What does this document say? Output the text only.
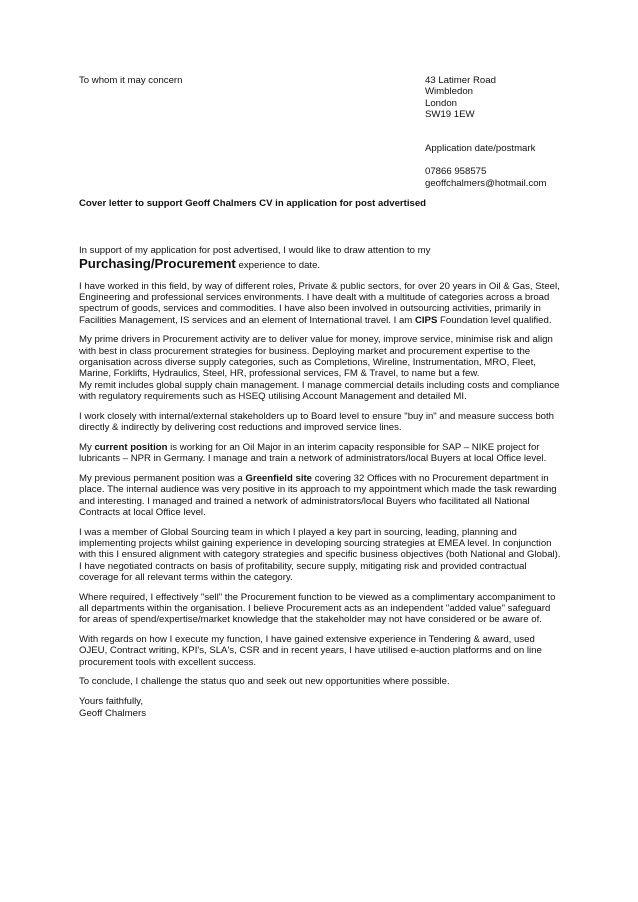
To whom it may concern	43 Latimer Road
Wimbledon
London
SW19 1EW
Application date/postmark
07866 958575
geoffchalmers@hotmail.com
Cover letter to support Geoff Chalmers CV in application for post advertised

In support of my application for post advertised, I would like to draw attention to my
Purchasing/Procurement experience to date.

I have worked in this field, by way of different roles, Private & public sectors, for over 20 years in Oil & Gas, Steel, Engineering and professional services environments. I have dealt with a multitude of categories across a broad spectrum of goods, services and commodities. I have also been involved in outsourcing activities, primarily in Facilities Management, IS services and an element of International travel. I am CIPS Foundation level qualified.

My prime drivers in Procurement activity are to deliver value for money, improve service, minimise risk and align with best in class procurement strategies for business. Deploying market and procurement expertise to the organisation across diverse supply categories, such as Completions, Wireline, Instrumentation, MRO, Fleet, Marine, Forklifts, Hydraulics, Steel, HR, professional services, FM & Travel, to name but a few.
My remit includes global supply chain management. I manage commercial details including costs and compliance with regulatory requirements such as HSEQ utilising Account Management and detailed MI.

I work closely with internal/external stakeholders up to Board level to ensure "buy in" and measure success both directly & indirectly by delivering cost reductions and improved service lines.

My current position is working for an Oil Major in an interim capacity responsible for SAP – NIKE project for lubricants – NPR in Germany. I manage and train a network of administrators/local Buyers at local Office level.

My previous permanent position was a Greenfield site covering 32 Offices with no Procurement department in place. The internal audience was very positive in its approach to my appointment which made the task rewarding and interesting. I managed and trained a network of administrators/local Buyers who facilitated all National Contracts at local Office level.

I was a member of Global Sourcing team in which I played a key part in sourcing, leading, planning and implementing projects whilst gaining experience in developing sourcing strategies at EMEA level. In conjunction with this I ensured alignment with category strategies and specific business objectives (both National and Global). I have negotiated contracts on basis of profitability, secure supply, mitigating risk and provided contractual coverage for all relevant terms within the category.

Where required, I effectively "sell" the Procurement function to be viewed as a complimentary accompaniment to all departments within the organisation. I believe Procurement acts as an independent "added value" safeguard for areas of spend/expertise/market knowledge that the stakeholder may not have considered or be aware of.

With regards on how I execute my function, I have gained extensive experience in Tendering & award, used OJEU, Contract writing, KPI's, SLA's, CSR and in recent years, I have utilised e-auction platforms and on line procurement tools with excellent success.

To conclude, I challenge the status quo and seek out new opportunities where possible.

Yours faithfully,
Geoff Chalmers
